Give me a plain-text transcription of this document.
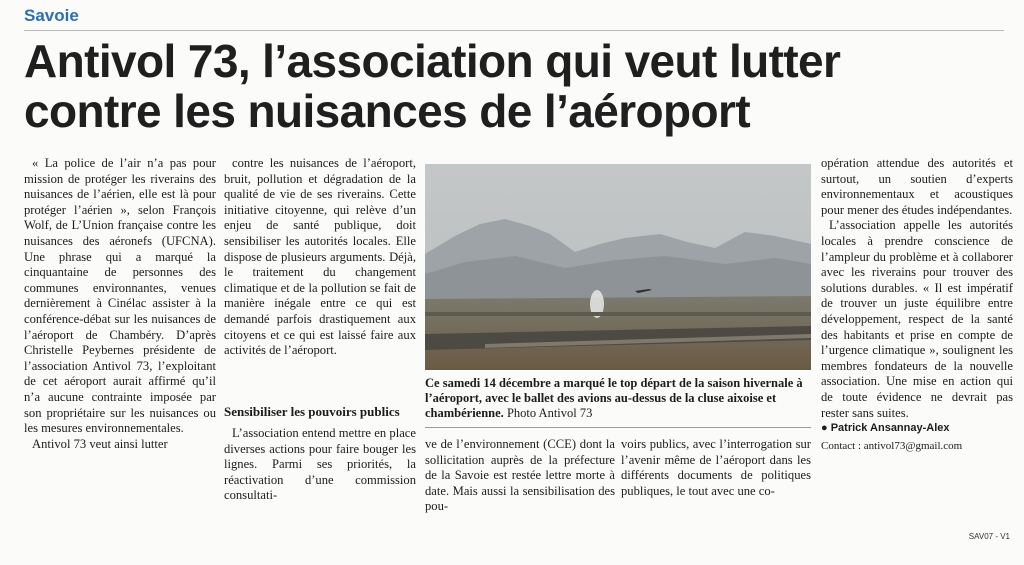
Savoie
Antivol 73, l’association qui veut lutter
contre les nuisances de l’aéroport

« La police de l’air n’a pas pour mission de protéger les riverains des nuisances de l’aérien, elle est là pour protéger l’aérien », selon François Wolf, de L’Union française contre les nuisances des aéronefs (UFCNA). Une phrase qui a marqué la cinquantaine de personnes des communes environnantes, venues dernièrement à Cinélac assister à la conférence-débat sur les nuisances de l’aéroport de Chambéry. D’après Christelle Peybernes présidente de l’association Antivol 73, l’exploitant de cet aéroport aurait affirmé qu’il n’a aucune contrainte imposée par son propriétaire sur les nuisances ou les mesures environnementales.

Antivol 73 veut ainsi lutter

contre les nuisances de l’aéroport, bruit, pollution et dégradation de la qualité de vie de ses riverains. Cette initiative citoyenne, qui relève d’un enjeu de santé publique, doit sensibiliser les autorités locales. Elle dispose de plusieurs arguments. Déjà, le traitement du changement climatique et de la pollution se fait de manière inégale entre ce qui est demandé parfois drastiquement aux citoyens et ce qui est laissé faire aux activités de l’aéroport.

Sensibiliser les pouvoirs publics

L’association entend mettre en place diverses actions pour faire bouger les lignes. Parmi ses priorités, la réactivation d’une commission consultati-

Ce samedi 14 décembre a marqué le top départ de la saison hivernale à l’aéroport, avec le ballet des avions au-dessus de la cluse aixoise et chambérienne. Photo Antivol 73

ve de l’environnement (CCE) dont la sollicitation auprès de la préfecture de la Savoie est restée lettre morte à date. Mais aussi la sensibilisation des pou-

voirs publics, avec l’interrogation sur l’avenir même de l’aéroport dans les différents documents de politiques publiques, le tout avec une co-

opération attendue des autorités et surtout, un soutien d’experts environnementaux et acoustiques pour mener des études indépendantes.

L’association appelle les autorités locales à prendre conscience de l’ampleur du problème et à collaborer avec les riverains pour trouver des solutions durables. « Il est impératif de trouver un juste équilibre entre développement, respect de la santé des habitants et prise en compte de l’urgence climatique », soulignent les membres fondateurs de la nouvelle association. Une mise en action qui de toute évidence ne devrait pas rester sans suites.

● Patrick Ansannay-Alex

Contact : antivol73@gmail.com

SAV07 - V1
